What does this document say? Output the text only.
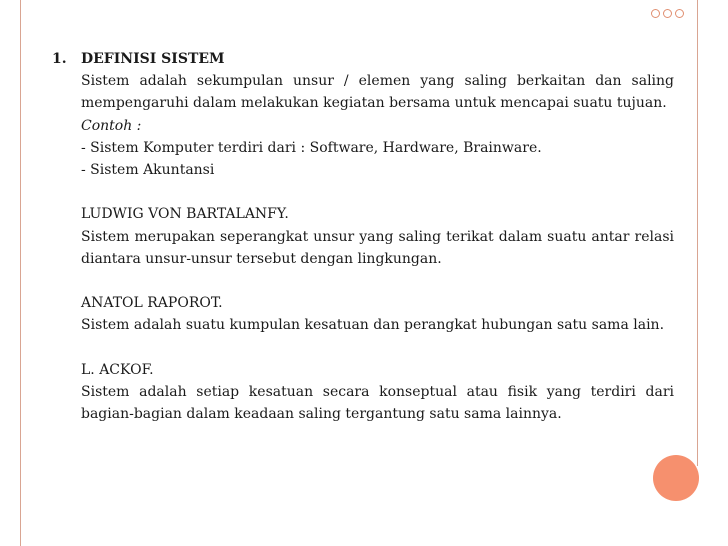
1.	DEFINISI SISTEM

Sistem adalah sekumpulan unsur / elemen yang saling berkaitan dan saling mempengaruhi dalam melakukan kegiatan bersama untuk mencapai suatu tujuan.

Contoh :

- Sistem Komputer terdiri dari : Software, Hardware, Brainware.

- Sistem Akuntansi

LUDWIG VON BARTALANFY.

Sistem merupakan seperangkat unsur yang saling terikat dalam suatu antar relasi diantara unsur-unsur tersebut dengan lingkungan.

ANATOL RAPOROT.

Sistem adalah suatu kumpulan kesatuan dan perangkat hubungan satu sama lain.

L. ACKOF.

Sistem adalah setiap kesatuan secara konseptual atau fisik yang terdiri dari bagian-bagian dalam keadaan saling tergantung satu sama lainnya.
